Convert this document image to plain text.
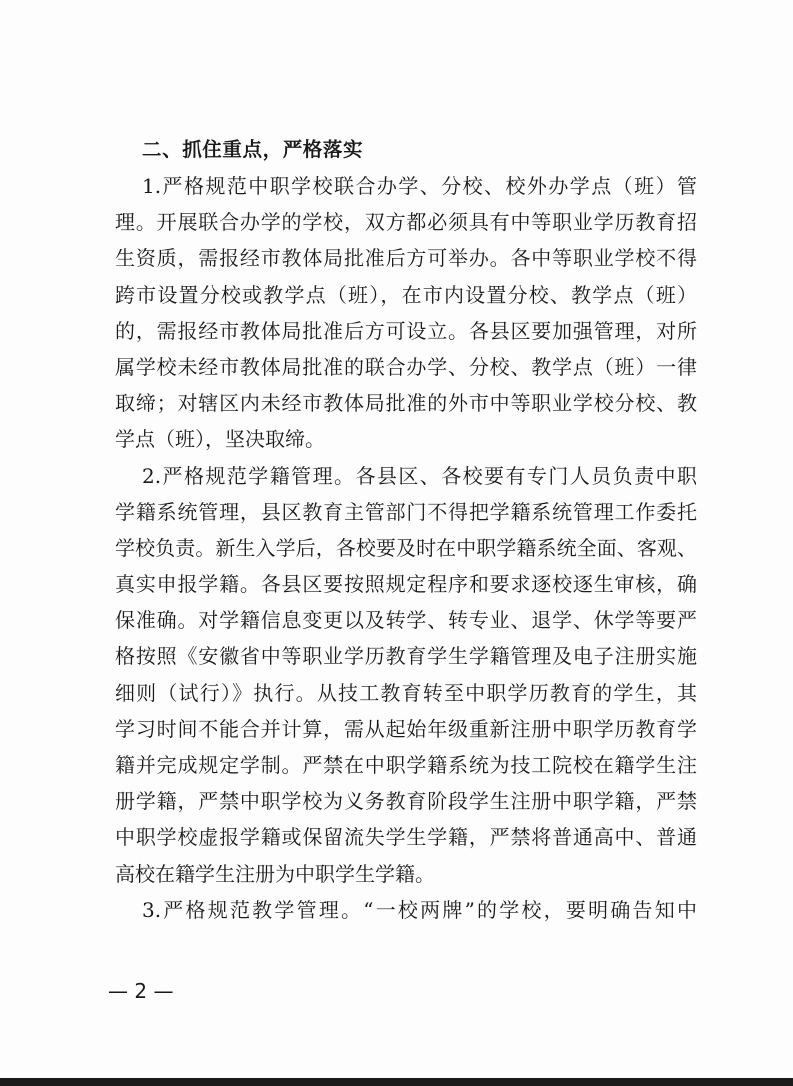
二、抓住重点，严格落实
1.严格规范中职学校联合办学、分校、校外办学点（班）管
理。开展联合办学的学校，双方都必须具有中等职业学历教育招
生资质，需报经市教体局批准后方可举办。各中等职业学校不得
跨市设置分校或教学点（班），在市内设置分校、教学点（班）
的，需报经市教体局批准后方可设立。各县区要加强管理，对所
属学校未经市教体局批准的联合办学、分校、教学点（班）一律
取缔；对辖区内未经市教体局批准的外市中等职业学校分校、教
学点（班），坚决取缔。
2.严格规范学籍管理。各县区、各校要有专门人员负责中职
学籍系统管理，县区教育主管部门不得把学籍系统管理工作委托
学校负责。新生入学后，各校要及时在中职学籍系统全面、客观、
真实申报学籍。各县区要按照规定程序和要求逐校逐生审核，确
保准确。对学籍信息变更以及转学、转专业、退学、休学等要严
格按照《安徽省中等职业学历教育学生学籍管理及电子注册实施
细则（试行）》执行。从技工教育转至中职学历教育的学生，其
学习时间不能合并计算，需从起始年级重新注册中职学历教育学
籍并完成规定学制。严禁在中职学籍系统为技工院校在籍学生注
册学籍，严禁中职学校为义务教育阶段学生注册中职学籍，严禁
中职学校虚报学籍或保留流失学生学籍，严禁将普通高中、普通
高校在籍学生注册为中职学生学籍。
3.严格规范教学管理。“一校两牌”的学校，要明确告知中
— 2 —
